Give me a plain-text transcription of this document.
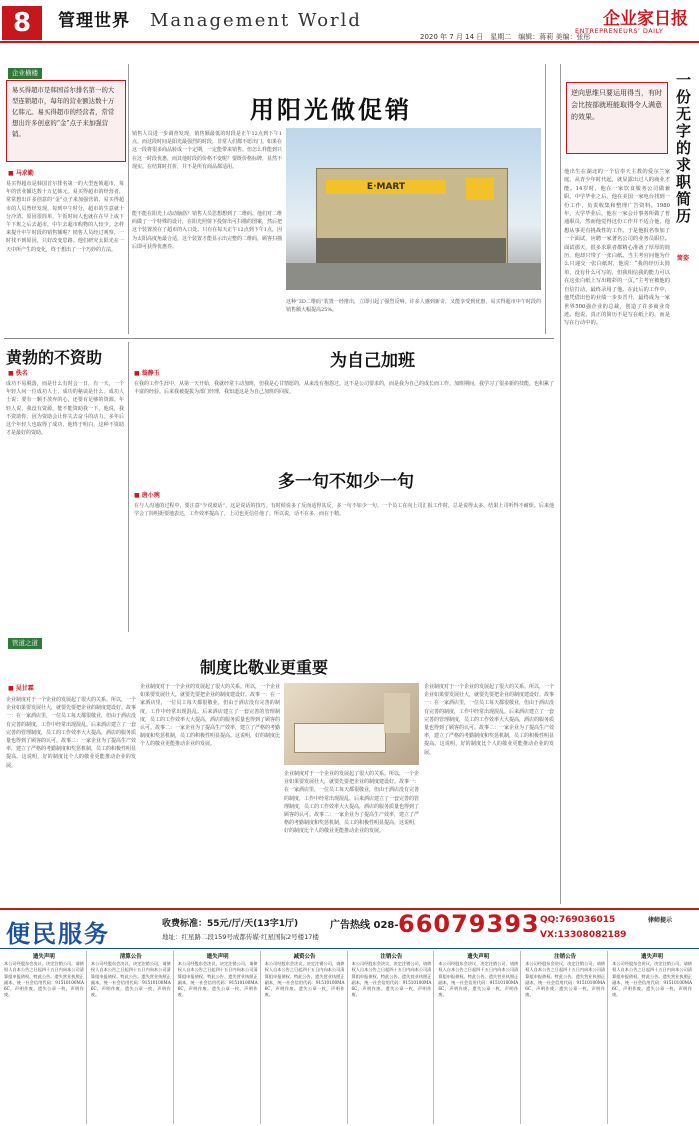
8	管理世界 Management World	企业家日报
ENTREPRENEURS' DAILY
2020 年 7 月 14 日　星期二　编辑：蒋莉 美编：张彤
企业横楼
易买得超市是韩国首尔排名第一的大型连锁超市，每年的营业额达数十万亿韩元。易买得超市的经营者，常常想出许多创意的“金”点子来加强营销。
■ 马求勤
易买得超市是韩国首尔排名第一的大型连锁超市，每年的营业额达数十万亿韩元。易买得超市的经营者，常常想出许多创意的“金”点子来加强营销。易买得超市的人员曾经发现，每到中午时分，超市的生意就十分冷清。原因很简单，午饭时间人也就在在早上或下午下班之后去超市，中午去超市购物的人较少。怎样来提升中午时段的销售额呢？销售人员经过观察，一时找不到原因，只好改变思路。他们研究太阳光在一天中所产生的变化，终于想出了一个巧妙的方法。
用阳光做促销
销售人员进一步调查发现，销售额最低的时段是正午12点到下午1点。而这段时间是阳光最强烈的时段，非常人们都不愿出门。如果在这一段将很多商品转成一个定期，一定能带来销售。但怎么样能到只在这一时段优惠，而其他时段的价格不变呢？要既价格标牌，显然不现实。在结算时打折，并不是所有商品都适用。
能不能在阳光上动动脑筋？销售人员思想想到了二维码。他们对二维码做了一个特殊的设计，在阳光照射下投射出可扫描的图案，然后把这个装置放在了超市的入口处。只有在每天正午12点到下午1点，因为太阳高度角最合适，这个装置才能显示出完整的二维码，顾客扫描后即可获得优惠券。
E·MART
这种“3D二维码”装置一经推出，立即引起了强烈反响。许多人感到新奇，又能享受到优惠，易买得超市中午时段的销售额大幅提高25%。
逆向思维只要运用得当，有时会比按部就班能取得令人满意的效果。
一份无字的求职简历
简姿
他出生在湖北的一个信奉天主教的爱尔兰家庭，从青少年时代起，就显露出过人的商业才能。14岁时，他在一家饮食服务公司做兼职，中学毕业之后，他在美国一家电台找到一份工作，负责收集和整理广告资料。1980年，大学毕业后，他在一家会计事务所做了普通职员，然而他觉得这份工作并不适合他，他想从事更有挑战性的工作。于是他报名参加了一个面试，应聘一家著名公司的业务员职位。面试那天，很多求职者都精心准备了厚厚的简历，他却只带了一张白纸。当主考官问他为什么只递交一张白纸时，他说：“我的经历太简单，没有什么可写的，但我相信我的能力可以在这张白纸上写出精彩的一页。”主考官被他的自信打动，最终录用了他。在此后的工作中，他凭借出色的业绩一步步晋升，最终成为一家世界500强企业的总裁，创造了许多商业奇迹。他说，真正的简历不是写在纸上的，而是写在行动中的。
黄勃的不资助
■ 佚名
成功不易脱落，而是什么有时会一日，有一天，一个年轻人问一位成功人士，成功的秘诀是什么。成功人士说：要有一颗不放弃的心，还要有足够的资源。年轻人说，我没有资源，能不能资助我一下。他说，我不资助你，因为资助会让你失去奋斗的动力。多年后这个年轻人也取得了成功，他终于明白，这种不资助才是最好的资助。
为自己加班
■ 翁静玉
在我的工作生涯中，从第一天开始，我就经常主动加班，但我是心甘情愿的，从来没有抱怨过。这不是公司要求的，而是我为自己的成长而工作。加班期间，我学习了很多新的技能，也积累了丰富的经验。后来我被提拔为部门经理，我知道这是为自己加班的回报。
多一句不如少一句
■ 唐小琬
在与人沟通的过程中，要注意“少说废话”，这是说话的技巧。有时候说多了反而适得其反，多一句不如少一句。一个员工在向上司汇报工作时，总是说得太多，结果上司听得不耐烦。后来他学会了简明扼要地表达，工作效率提高了，上司也更信任他了。所以说，话不在多，而在于精。
管道之道
制度比敬业更重要
■ 吴甘霖
企业制度对于一个企业的发展起了很大的关系。所以，一个企业如果要发展壮大，就要先要把企业的制度建设好。故事一：在一家酒店里，一位员工每天都很敬业，但由于酒店没有完善的制度，工作中经常出现混乱。后来酒店建立了一套完善的管理制度，员工的工作效率大大提高，酒店的服务质量也得到了顾客的认可。故事二：一家企业为了提高生产效率，建立了严格的考勤制度和奖惩机制，员工的积极性明显提高。这说明，好的制度比个人的敬业更能推动企业的发展。
企业制度对于一个企业的发展起了很大的关系。所以，一个企业如果要发展壮大，就要先要把企业的制度建设好。故事一：在一家酒店里，一位员工每天都很敬业，但由于酒店没有完善的制度，工作中经常出现混乱。后来酒店建立了一套完善的管理制度，员工的工作效率大大提高，酒店的服务质量也得到了顾客的认可。故事二：一家企业为了提高生产效率，建立了严格的考勤制度和奖惩机制，员工的积极性明显提高。这说明，好的制度比个人的敬业更能推动企业的发展。
企业制度对于一个企业的发展起了很大的关系。所以，一个企业如果要发展壮大，就要先要把企业的制度建设好。故事一：在一家酒店里，一位员工每天都很敬业，但由于酒店没有完善的制度，工作中经常出现混乱。后来酒店建立了一套完善的管理制度，员工的工作效率大大提高，酒店的服务质量也得到了顾客的认可。故事二：一家企业为了提高生产效率，建立了严格的考勤制度和奖惩机制，员工的积极性明显提高。这说明，好的制度比个人的敬业更能推动企业的发展。
企业制度对于一个企业的发展起了很大的关系。所以，一个企业如果要发展壮大，就要先要把企业的制度建设好。故事一：在一家酒店里，一位员工每天都很敬业，但由于酒店没有完善的制度，工作中经常出现混乱。后来酒店建立了一套完善的管理制度，员工的工作效率大大提高，酒店的服务质量也得到了顾客的认可。故事二：一家企业为了提高生产效率，建立了严格的考勤制度和奖惩机制，员工的积极性明显提高。这说明，好的制度比个人的敬业更能推动企业的发展。
便民服务	收费标准：55元/厅/天(13字1厅)
地址：红星路二段159号成都传媒·红星国际2号楼17楼
广告热线 028- 66079393 QQ:769036015
VX:13308082189
律师提示
遗失声明
本公司经股东会决议，决定注销公司，请债权人自本公告之日起四十五日内向本公司清算组申报债权。特此公告。遗失营业执照正副本，统一社会信用代码：91510100MA6C，声明作废。遗失公章一枚，声明作废。
清算公告
本公司经股东会决议，决定注销公司，请债权人自本公告之日起四十五日内向本公司清算组申报债权。特此公告。遗失营业执照正副本，统一社会信用代码：91510100MA6C，声明作废。遗失公章一枚，声明作废。
遗失声明
本公司经股东会决议，决定注销公司，请债权人自本公告之日起四十五日内向本公司清算组申报债权。特此公告。遗失营业执照正副本，统一社会信用代码：91510100MA6C，声明作废。遗失公章一枚，声明作废。
减资公告
本公司经股东会决议，决定注销公司，请债权人自本公告之日起四十五日内向本公司清算组申报债权。特此公告。遗失营业执照正副本，统一社会信用代码：91510100MA6C，声明作废。遗失公章一枚，声明作废。
注销公告
本公司经股东会决议，决定注销公司，请债权人自本公告之日起四十五日内向本公司清算组申报债权。特此公告。遗失营业执照正副本，统一社会信用代码：91510100MA6C，声明作废。遗失公章一枚，声明作废。
遗失声明
本公司经股东会决议，决定注销公司，请债权人自本公告之日起四十五日内向本公司清算组申报债权。特此公告。遗失营业执照正副本，统一社会信用代码：91510100MA6C，声明作废。遗失公章一枚，声明作废。
注销公告
本公司经股东会决议，决定注销公司，请债权人自本公告之日起四十五日内向本公司清算组申报债权。特此公告。遗失营业执照正副本，统一社会信用代码：91510100MA6C，声明作废。遗失公章一枚，声明作废。
遗失声明
本公司经股东会决议，决定注销公司，请债权人自本公告之日起四十五日内向本公司清算组申报债权。特此公告。遗失营业执照正副本，统一社会信用代码：91510100MA6C，声明作废。遗失公章一枚，声明作废。
